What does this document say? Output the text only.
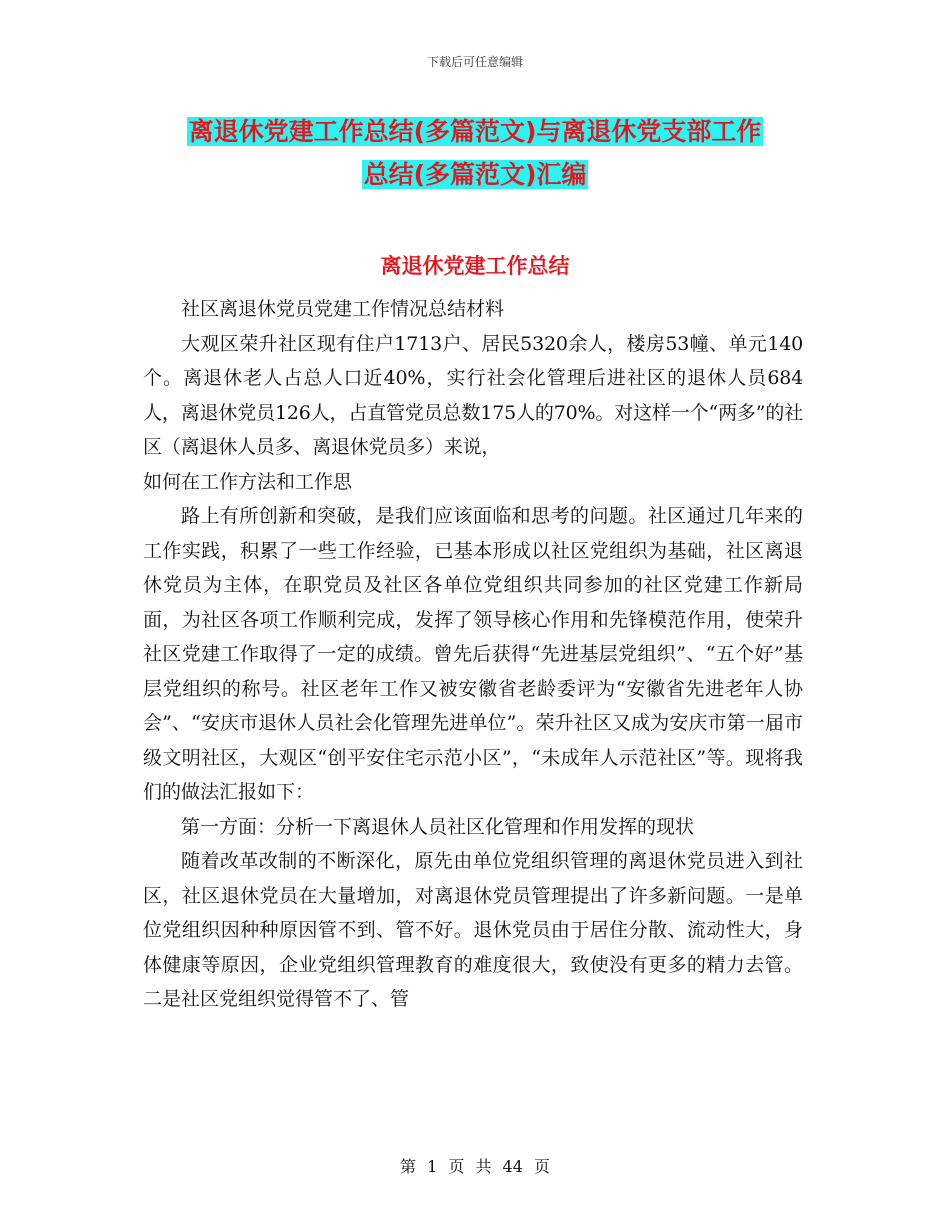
下载后可任意编辑
离退休党建工作总结(多篇范文)与离退休党支部工作
总结(多篇范文)汇编
离退休党建工作总结

社区离退休党员党建工作情况总结材料

大观区荣升社区现有住户1713户、居民5320余人，楼房53幢、单元140个。离退休老人占总人口近40%，实行社会化管理后进社区的退休人员684人，离退休党员126人，占直管党员总数175人的70%。对这样一个“两多”的社区（离退休人员多、离退休党员多）来说，

如何在工作方法和工作思

路上有所创新和突破，是我们应该面临和思考的问题。社区通过几年来的工作实践，积累了一些工作经验，已基本形成以社区党组织为基础，社区离退休党员为主体，在职党员及社区各单位党组织共同参加的社区党建工作新局面，为社区各项工作顺利完成，发挥了领导核心作用和先锋模范作用，使荣升社区党建工作取得了一定的成绩。曾先后获得“先进基层党组织”、“五个好”基层党组织的称号。社区老年工作又被安徽省老龄委评为“安徽省先进老年人协会”、“安庆市退休人员社会化管理先进单位”。荣升社区又成为安庆市第一届市级文明社区，大观区“创平安住宅示范小区”，“未成年人示范社区”等。现将我们的做法汇报如下：

第一方面：分析一下离退休人员社区化管理和作用发挥的现状

随着改革改制的不断深化，原先由单位党组织管理的离退休党员进入到社区，社区退休党员在大量增加，对离退休党员管理提出了许多新问题。一是单位党组织因种种原因管不到、管不好。退休党员由于居住分散、流动性大，身体健康等原因，企业党组织管理教育的难度很大，致使没有更多的精力去管。二是社区党组织觉得管不了、管

第 1 页 共 44 页
